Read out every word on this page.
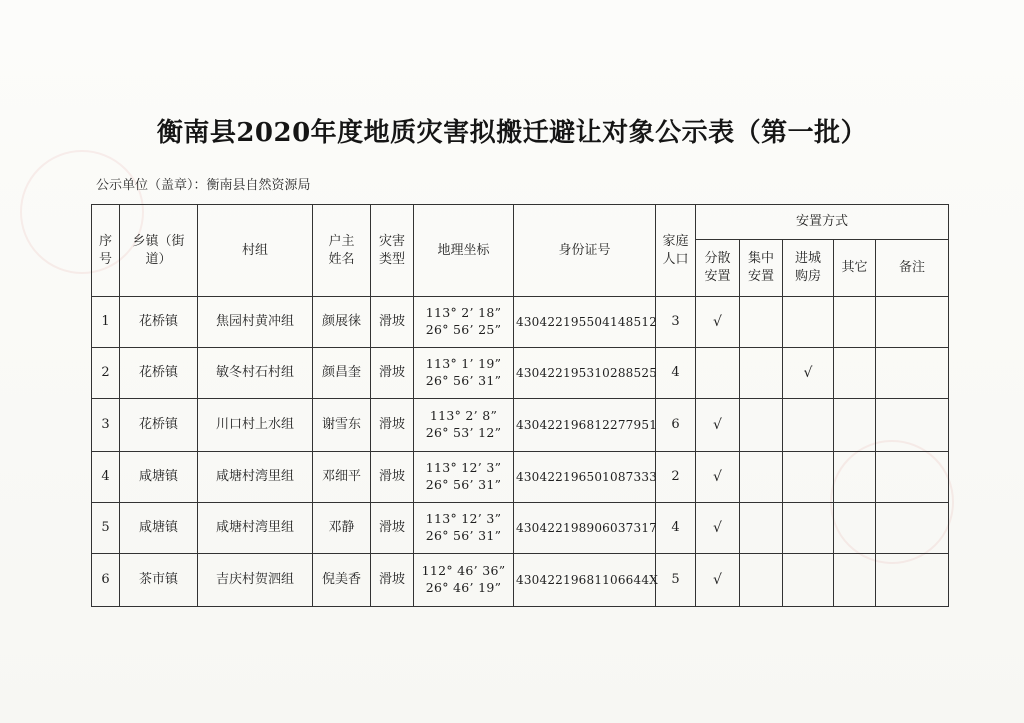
衡南县2020年度地质灾害拟搬迁避让对象公示表（第一批）
公示单位（盖章）：衡南县自然资源局
序号	乡镇（街道）	村组	户主姓名	灾害类型	地理坐标	身份证号	家庭人口	安置方式				
								分散安置	集中安置	进城购房	其它	备注
1	花桥镇	焦园村黄冲组	颜展徕	滑坡	113° 2’ 18”
26° 56’ 25”	430422195504148512	3	√				
2	花桥镇	敏冬村石村组	颜昌奎	滑坡	113° 1’ 19”
26° 56’ 31”	430422195310288525	4			√		
3	花桥镇	川口村上水组	谢雪东	滑坡	113° 2’ 8”
26° 53’ 12”	430422196812277951	6	√				
4	咸塘镇	咸塘村湾里组	邓细平	滑坡	113° 12’ 3”
26° 56’ 31”	430422196501087333	2	√				
5	咸塘镇	咸塘村湾里组	邓静	滑坡	113° 12’ 3”
26° 56’ 31”	430422198906037317	4	√				
6	茶市镇	吉庆村贺泗组	倪美香	滑坡	112° 46’ 36”
26° 46’ 19”	43042219681106644X	5	√				
